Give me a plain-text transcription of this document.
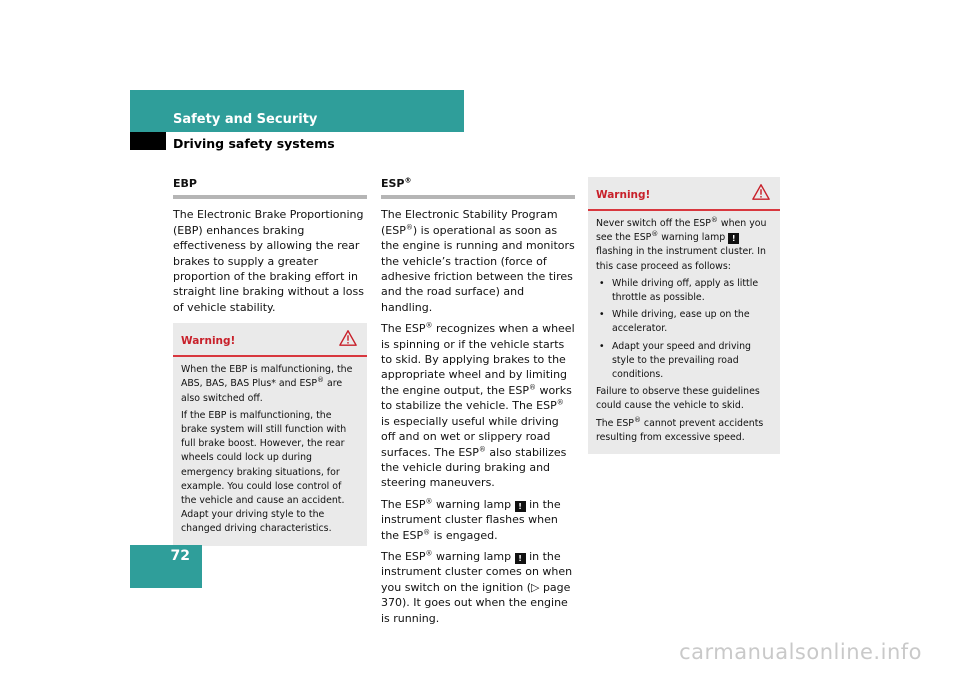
Safety and Security
Driving safety systems
EBP

The Electronic Brake Proportioning (EBP) enhances braking effectiveness by allowing the rear brakes to supply a greater proportion of the braking effort in straight line braking without a loss of vehicle stability.

Warning!

When the EBP is malfunctioning, the ABS, BAS, BAS Plus* and ESP® are also switched off.

If the EBP is malfunctioning, the brake system will still function with full brake boost. However, the rear wheels could lock up during emergency braking situations, for example. You could lose control of the vehicle and cause an accident. Adapt your driving style to the changed driving characteristics.

ESP®

The Electronic Stability Program (ESP®) is operational as soon as the engine is running and monitors the vehicle’s traction (force of adhesive friction between the tires and the road surface) and handling.

The ESP® recognizes when a wheel is spinning or if the vehicle starts to skid. By applying brakes to the appropriate wheel and by limiting the engine output, the ESP® works to stabilize the vehicle. The ESP® is especially useful while driving off and on wet or slippery road surfaces. The ESP® also stabilizes the vehicle during braking and steering maneuvers.

The ESP® warning lamp ! in the instrument cluster flashes when the ESP® is engaged.

The ESP® warning lamp ! in the instrument cluster comes on when you switch on the ignition (▷ page 370). It goes out when the engine is running.

Warning!

Never switch off the ESP® when you see the ESP® warning lamp ! flashing in the instrument cluster. In this case proceed as follows:

• While driving off, apply as little throttle as possible.
• While driving, ease up on the accelerator.
• Adapt your speed and driving style to the prevailing road conditions.

Failure to observe these guidelines could cause the vehicle to skid.

The ESP® cannot prevent accidents resulting from excessive speed.

72
carmanualsonline.info
